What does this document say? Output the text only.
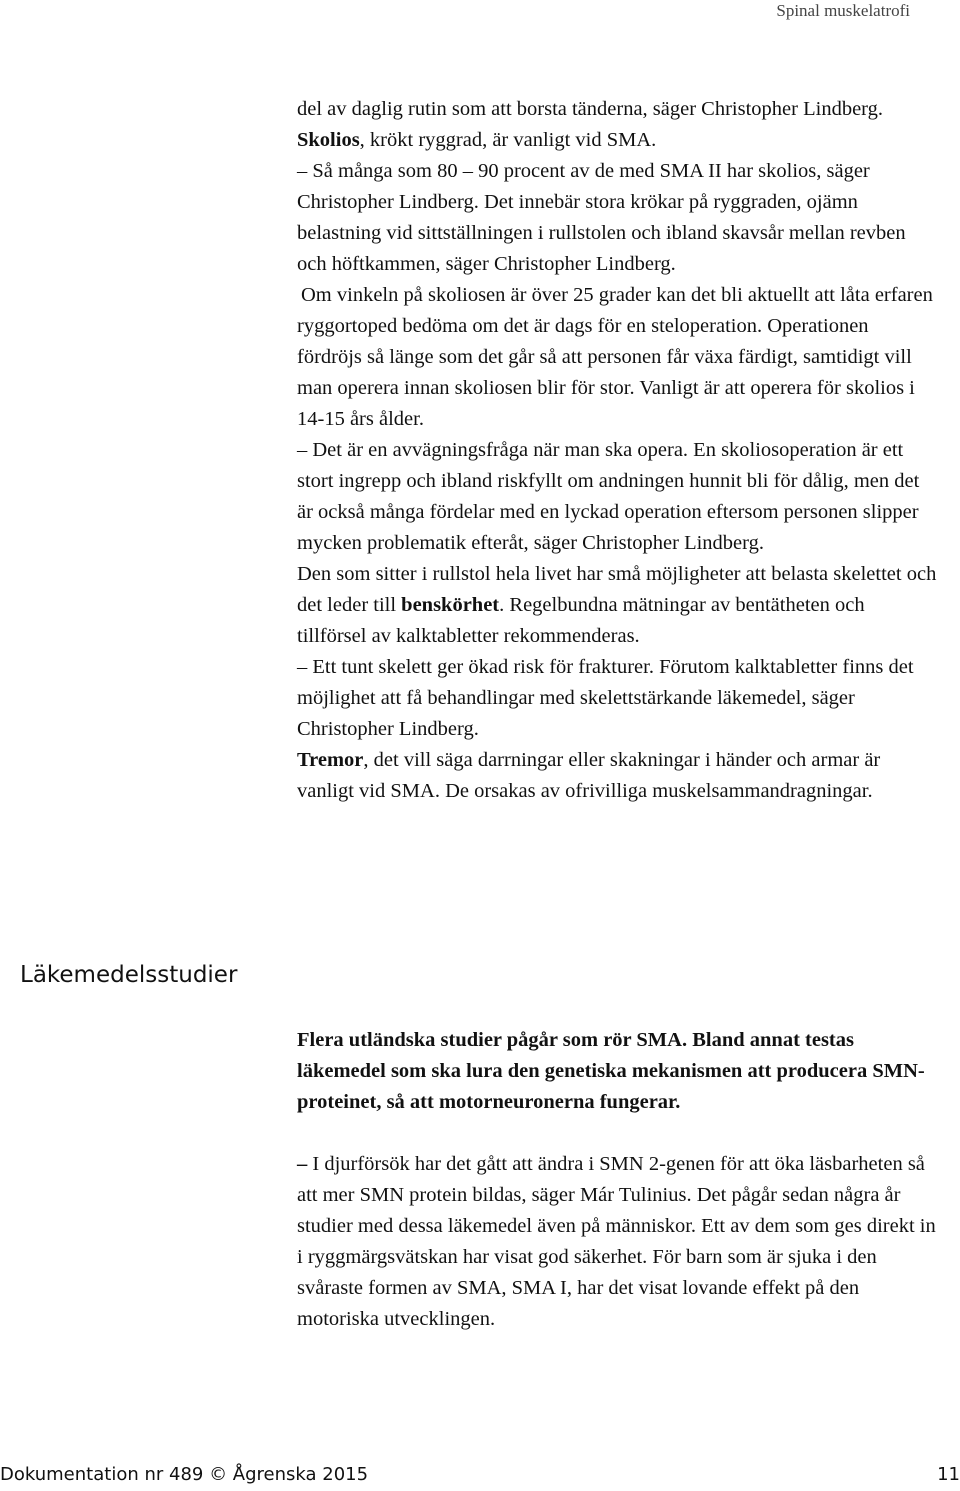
Spinal muskelatrofi

del av daglig rutin som att borsta tänderna, säger Christopher Lindberg.

Skolios, krökt ryggrad, är vanligt vid SMA.

– Så många som 80 – 90 procent av de med SMA II har skolios, säger Christopher Lindberg. Det innebär stora krökar på ryggraden, ojämn belastning vid sittställningen i rullstolen och ibland skavsår mellan revben och höftkammen, säger Christopher Lindberg.

Om vinkeln på skoliosen är över 25 grader kan det bli aktuellt att låta erfaren ryggortoped bedöma om det är dags för en steloperation. Operationen fördröjs så länge som det går så att personen får växa färdigt, samtidigt vill man operera innan skoliosen blir för stor. Vanligt är att operera för skolios i 14-15 års ålder.

– Det är en avvägningsfråga när man ska opera. En skoliosoperation är ett stort ingrepp och ibland riskfyllt om andningen hunnit bli för dålig, men det är också många fördelar med en lyckad operation eftersom personen slipper mycken problematik efteråt, säger Christopher Lindberg.

Den som sitter i rullstol hela livet har små möjligheter att belasta skelettet och det leder till benskörhet. Regelbundna mätningar av bentätheten och tillförsel av kalktabletter rekommenderas.

– Ett tunt skelett ger ökad risk för frakturer. Förutom kalktabletter finns det möjlighet att få behandlingar med skelettstärkande läkemedel, säger Christopher Lindberg.

Tremor, det vill säga darrningar eller skakningar i händer och armar är vanligt vid SMA. De orsakas av ofrivilliga muskelsammandragningar.

Läkemedelsstudier

Flera utländska studier pågår som rör SMA. Bland annat testas läkemedel som ska lura den genetiska mekanismen att producera SMN-proteinet, så att motorneuronerna fungerar.

– I djurförsök har det gått att ändra i SMN 2-genen för att öka läsbarheten så att mer SMN protein bildas, säger Már Tulinius. Det pågår sedan några år studier med dessa läkemedel även på människor. Ett av dem som ges direkt in i ryggmärgsvätskan har visat god säkerhet. För barn som är sjuka i den svåraste formen av SMA, SMA I, har det visat lovande effekt på den motoriska utvecklingen.

Dokumentation nr 489 © Ågrenska 2015	11
